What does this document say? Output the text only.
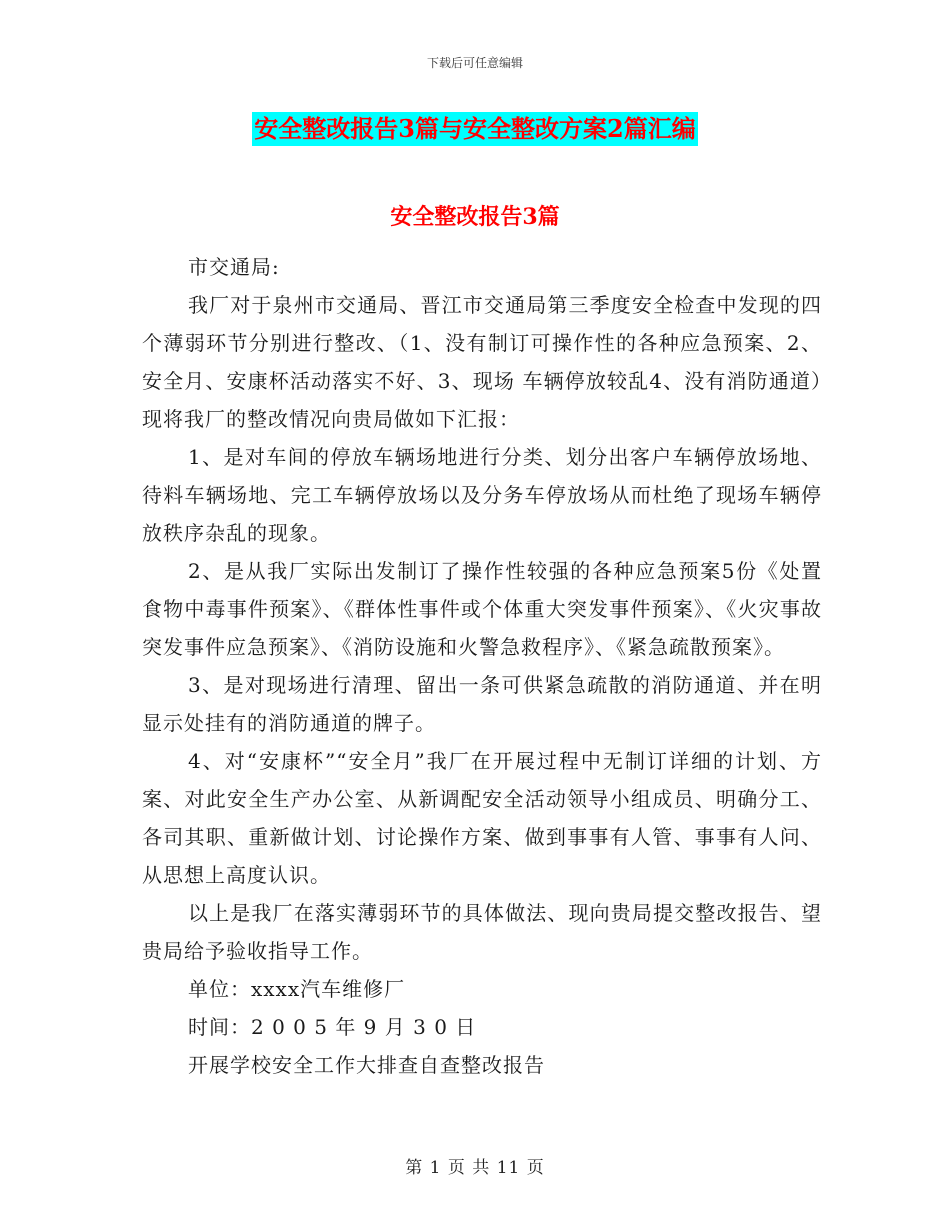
下载后可任意编辑
安全整改报告3篇与安全整改方案2篇汇编
安全整改报告3篇

市交通局:

我厂对于泉州市交通局、晋江市交通局第三季度安全检查中发现的四个薄弱环节分别进行整改、（1、没有制订可操作性的各种应急预案、2、安全月、安康杯活动落实不好、3、现场 车辆停放较乱4、没有消防通道）现将我厂的整改情况向贵局做如下汇报：

1、是对车间的停放车辆场地进行分类、划分出客户车辆停放场地、待料车辆场地、完工车辆停放场以及分务车停放场从而杜绝了现场车辆停放秩序杂乱的现象。

2、是从我厂实际出发制订了操作性较强的各种应急预案5份《处置食物中毒事件预案》、《群体性事件或个体重大突发事件预案》、《火灾事故突发事件应急预案》、《消防设施和火警急救程序》、《紧急疏散预案》。

3、是对现场进行清理、留出一条可供紧急疏散的消防通道、并在明显示处挂有的消防通道的牌子。

4、对“安康杯”“安全月”我厂在开展过程中无制订详细的计划、方案、对此安全生产办公室、从新调配安全活动领导小组成员、明确分工、各司其职、重新做计划、讨论操作方案、做到事事有人管、事事有人问、从思想上高度认识。

以上是我厂在落实薄弱环节的具体做法、现向贵局提交整改报告、望贵局给予验收指导工作。

单位：xxxx汽车维修厂

时间：2 0 0 5 年 9 月 3 0 日

开展学校安全工作大排查自查整改报告

第 1 页 共 11 页
